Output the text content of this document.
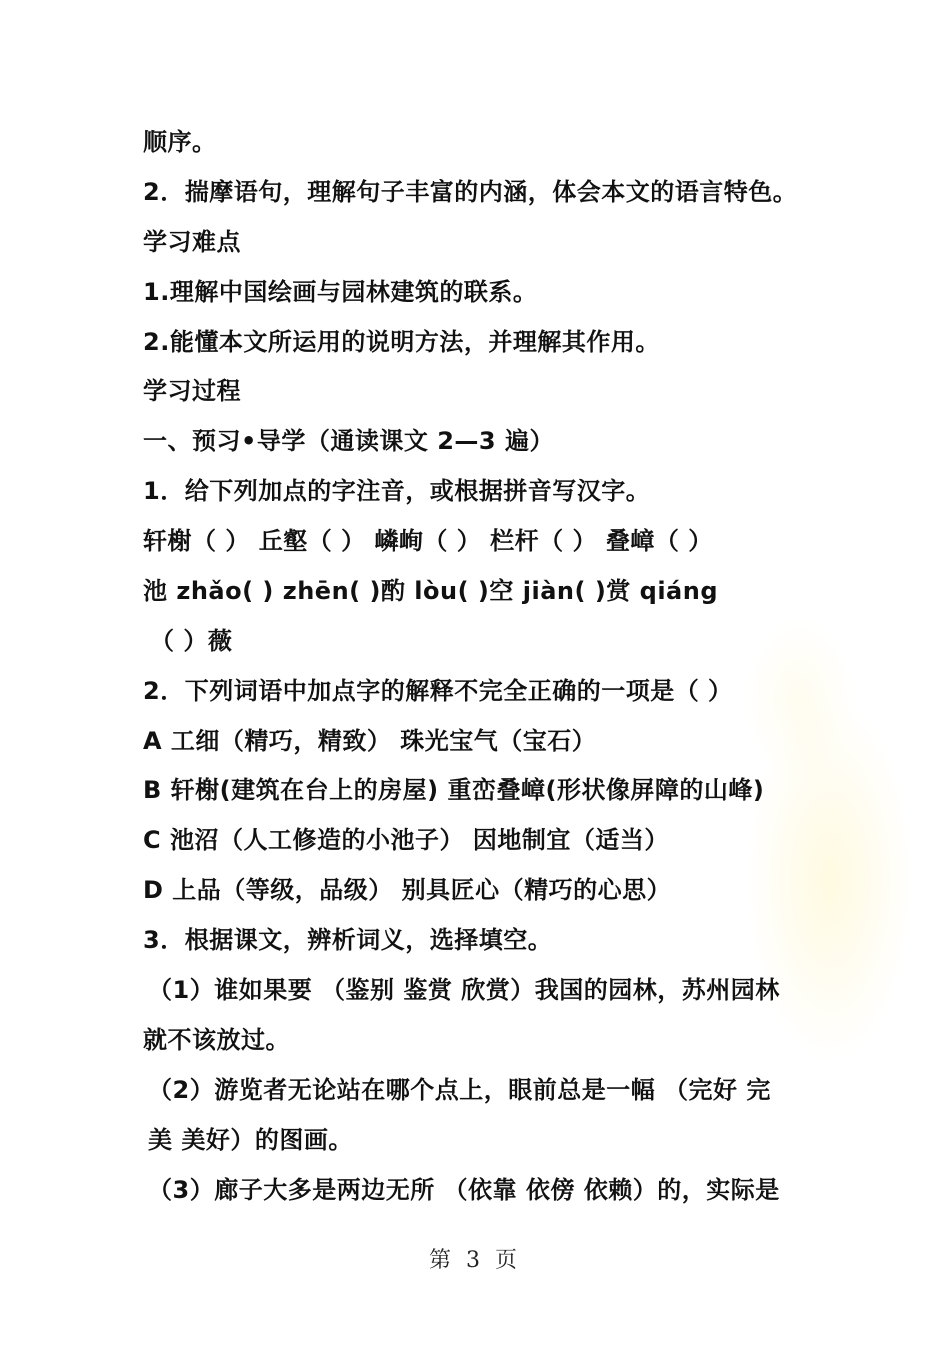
顺序。
2．揣摩语句，理解句子丰富的内涵，体会本文的语言特色。
学习难点
1.理解中国绘画与园林建筑的联系。
2.能懂本文所运用的说明方法，并理解其作用。
学习过程
一、预习•导学（通读课文 2—3 遍）
1．给下列加点的字注音，或根据拼音写汉字。
轩榭（ ） 丘壑（ ） 嶙峋（ ） 栏杆（ ） 叠嶂（ ）
池 zhǎo( ) zhēn( )酌 lòu( )空 jiàn( )赏 qiáng
（ ）薇
2．下列词语中加点字的解释不完全正确的一项是（ ）
A 工细（精巧，精致） 珠光宝气（宝石）
B 轩榭(建筑在台上的房屋) 重峦叠嶂(形状像屏障的山峰)
C 池沼（人工修造的小池子） 因地制宜（适当）
D 上品（等级，品级） 别具匠心（精巧的心思）
3．根据课文，辨析词义，选择填空。
（1）谁如果要 （鉴别 鉴赏 欣赏）我国的园林，苏州园林
就不该放过。
（2）游览者无论站在哪个点上，眼前总是一幅 （完好 完
美 美好）的图画。
（3）廊子大多是两边无所 （依靠 依傍 依赖）的，实际是
第 3 页
